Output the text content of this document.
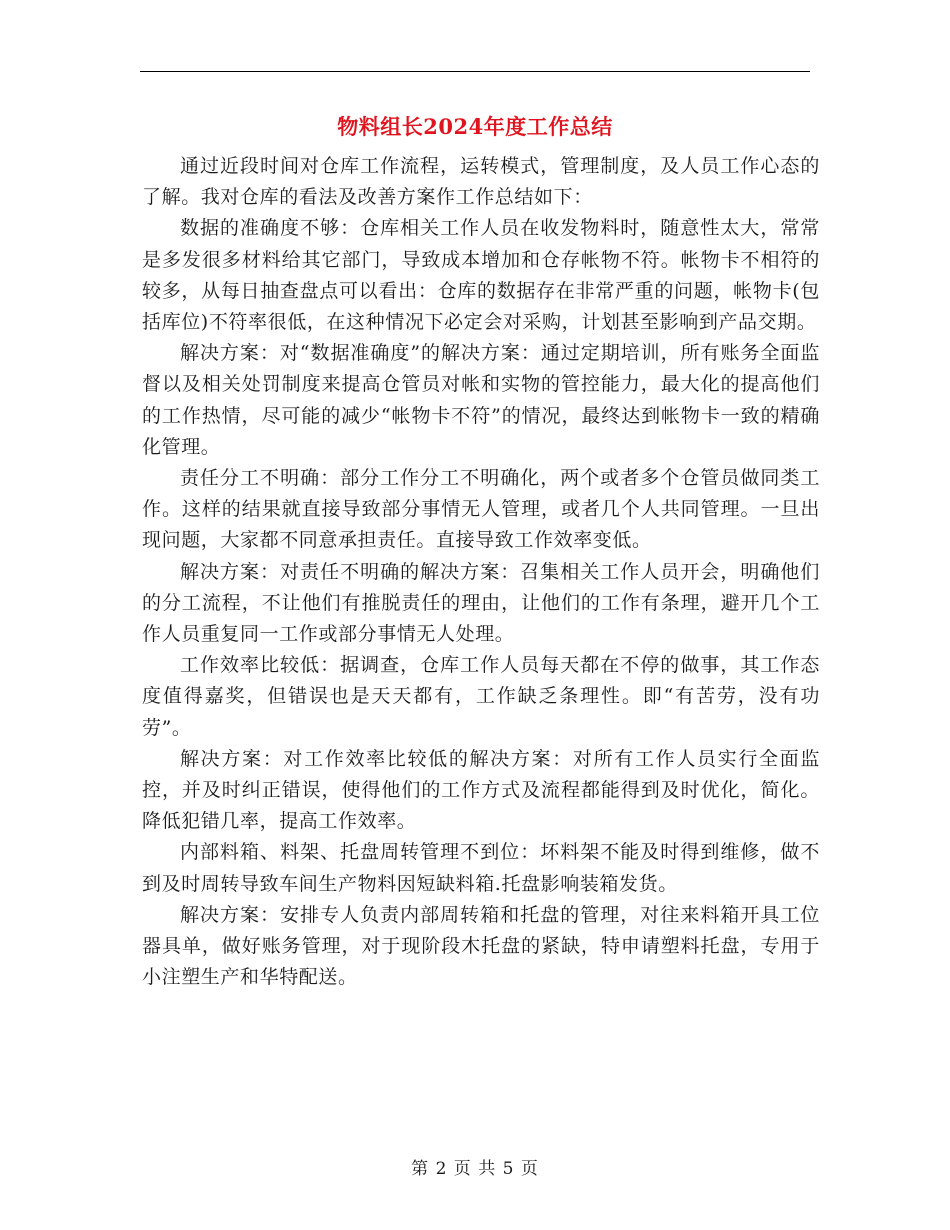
物料组长2024年度工作总结

通过近段时间对仓库工作流程，运转模式，管理制度，及人员工作心态的了解。我对仓库的看法及改善方案作工作总结如下：

数据的准确度不够：仓库相关工作人员在收发物料时，随意性太大，常常是多发很多材料给其它部门，导致成本增加和仓存帐物不符。帐物卡不相符的较多，从每日抽查盘点可以看出：仓库的数据存在非常严重的问题，帐物卡(包括库位)不符率很低，在这种情况下必定会对采购，计划甚至影响到产品交期。

解决方案：对“数据准确度”的解决方案：通过定期培训，所有账务全面监督以及相关处罚制度来提高仓管员对帐和实物的管控能力，最大化的提高他们的工作热情，尽可能的减少“帐物卡不符”的情况，最终达到帐物卡一致的精确化管理。

责任分工不明确：部分工作分工不明确化，两个或者多个仓管员做同类工作。这样的结果就直接导致部分事情无人管理，或者几个人共同管理。一旦出现问题，大家都不同意承担责任。直接导致工作效率变低。

解决方案：对责任不明确的解决方案：召集相关工作人员开会，明确他们的分工流程，不让他们有推脱责任的理由，让他们的工作有条理，避开几个工作人员重复同一工作或部分事情无人处理。

工作效率比较低：据调查，仓库工作人员每天都在不停的做事，其工作态度值得嘉奖，但错误也是天天都有，工作缺乏条理性。即“有苦劳，没有功劳”。

解决方案：对工作效率比较低的解决方案：对所有工作人员实行全面监控，并及时纠正错误，使得他们的工作方式及流程都能得到及时优化，简化。降低犯错几率，提高工作效率。

内部料箱、料架、托盘周转管理不到位：坏料架不能及时得到维修，做不到及时周转导致车间生产物料因短缺料箱.托盘影响装箱发货。

解决方案：安排专人负责内部周转箱和托盘的管理，对往来料箱开具工位器具单，做好账务管理，对于现阶段木托盘的紧缺，特申请塑料托盘，专用于小注塑生产和华特配送。

第 2 页 共 5 页
